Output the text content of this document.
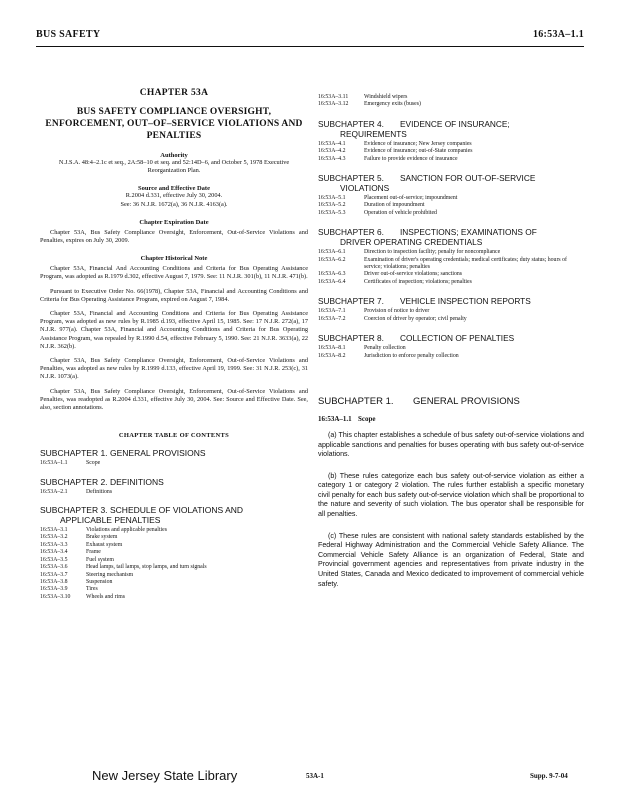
BUS SAFETY	16:53A–1.1
CHAPTER 53A
BUS SAFETY COMPLIANCE OVERSIGHT, ENFORCEMENT, OUT–OF–SERVICE VIOLATIONS AND PENALTIES
Authority
N.J.S.A. 48:4–2.1c et seq., 2A:58–10 et seq. and 52:14D–6, and October 5, 1978 Executive Reorganization Plan.
Source and Effective Date
R.2004 d.331, effective July 30, 2004.
See: 36 N.J.R. 1672(a), 36 N.J.R. 4163(a).
Chapter Expiration Date
Chapter 53A, Bus Safety Compliance Oversight, Enforcement, Out-of-Service Violations and Penalties, expires on July 30, 2009.
Chapter Historical Note
Chapter 53A, Financial And Accounting Conditions and Criteria for Bus Operating Assistance Program, was adopted as R.1979 d.302, effective August 7, 1979. See: 11 N.J.R. 301(b), 11 N.J.R. 471(b).
Pursuant to Executive Order No. 66(1978), Chapter 53A, Financial and Accounting Conditions and Criteria for Bus Operating Assistance Program, expired on August 7, 1984.
Chapter 53A, Financial and Accounting Conditions and Criteria for Bus Operating Assistance Program, was adopted as new rules by R.1985 d.193, effective April 15, 1985. See: 17 N.J.R. 272(a), 17 N.J.R. 977(a). Chapter 53A, Financial and Accounting Conditions and Criteria for Bus Operating Assistance Program, was repealed by R.1990 d.54, effective February 5, 1990. See: 21 N.J.R. 3633(a), 22 N.J.R. 362(b).
Chapter 53A, Bus Safety Compliance Oversight, Enforcement, Out-of-Service Violations and Penalties, was adopted as new rules by R.1999 d.133, effective April 19, 1999. See: 31 N.J.R. 253(c), 31 N.J.R. 1073(a).
Chapter 53A, Bus Safety Compliance Oversight, Enforcement, Out-of-Service Violations and Penalties, was readopted as R.2004 d.331, effective July 30, 2004. See: Source and Effective Date. See, also, section annotations.
CHAPTER TABLE OF CONTENTS
SUBCHAPTER 1. GENERAL PROVISIONS
16:53A–1.1	Scope
SUBCHAPTER 2. DEFINITIONS
16:53A–2.1	Definitions
SUBCHAPTER 3. SCHEDULE OF VIOLATIONS AND
APPLICABLE PENALTIES
16:53A–3.1	Violations and applicable penalties
16:53A–3.2	Brake system
16:53A–3.3	Exhaust system
16:53A–3.4	Frame
16:53A–3.5	Fuel system
16:53A–3.6	Head lamps, tail lamps, stop lamps, and turn signals
16:53A–3.7	Steering mechanism
16:53A–3.8	Suspension
16:53A–3.9	Tires
16:53A–3.10	Wheels and rims
16:53A–3.11	Windshield wipers
16:53A–3.12	Emergency exits (buses)
SUBCHAPTER 4. EVIDENCE OF INSURANCE;
REQUIREMENTS
16:53A–4.1	Evidence of insurance; New Jersey companies
16:53A–4.2	Evidence of insurance; out-of-State companies
16:53A–4.3	Failure to provide evidence of insurance
SUBCHAPTER 5. SANCTION FOR OUT-OF-SERVICE
VIOLATIONS
16:53A–5.1	Placement out-of-service; impoundment
16:53A–5.2	Duration of impoundment
16:53A–5.3	Operation of vehicle prohibited
SUBCHAPTER 6. INSPECTIONS; EXAMINATIONS OF
DRIVER OPERATING CREDENTIALS
16:53A–6.1	Direction to inspection facility; penalty for noncompliance
16:53A–6.2	Examination of driver's operating credentials; medical certificates; duty status; hours of service; violations; penalties
16:53A–6.3	Driver out-of-service violations; sanctions
16:53A–6.4	Certificates of inspection; violations; penalties
SUBCHAPTER 7. VEHICLE INSPECTION REPORTS
16:53A–7.1	Provision of notice to driver
16:53A–7.2	Coercion of driver by operator; civil penalty
SUBCHAPTER 8. COLLECTION OF PENALTIES
16:53A–8.1	Penalty collection
16:53A–8.2	Jurisdiction to enforce penalty collection
SUBCHAPTER 1. GENERAL PROVISIONS
16:53A–1.1 Scope
(a) This chapter establishes a schedule of bus safety out-of-service violations and applicable sanctions and penalties for buses operating with bus safety out-of-service violations.
(b) These rules categorize each bus safety out-of-service violation as either a category 1 or category 2 violation. The rules further establish a specific monetary civil penalty for each bus safety out-of-service violation which shall be proportional to the nature and severity of such violation. The bus operator shall be responsible for all penalties.
(c) These rules are consistent with national safety standards established by the Federal Highway Administration and the Commercial Vehicle Safety Alliance. The Commercial Vehicle Safety Alliance is an organization of Federal, State and Provincial government agencies and representatives from private industry in the United States, Canada and Mexico dedicated to improvement of commercial vehicle safety.
New Jersey State Library	53A-1	Supp. 9-7-04
